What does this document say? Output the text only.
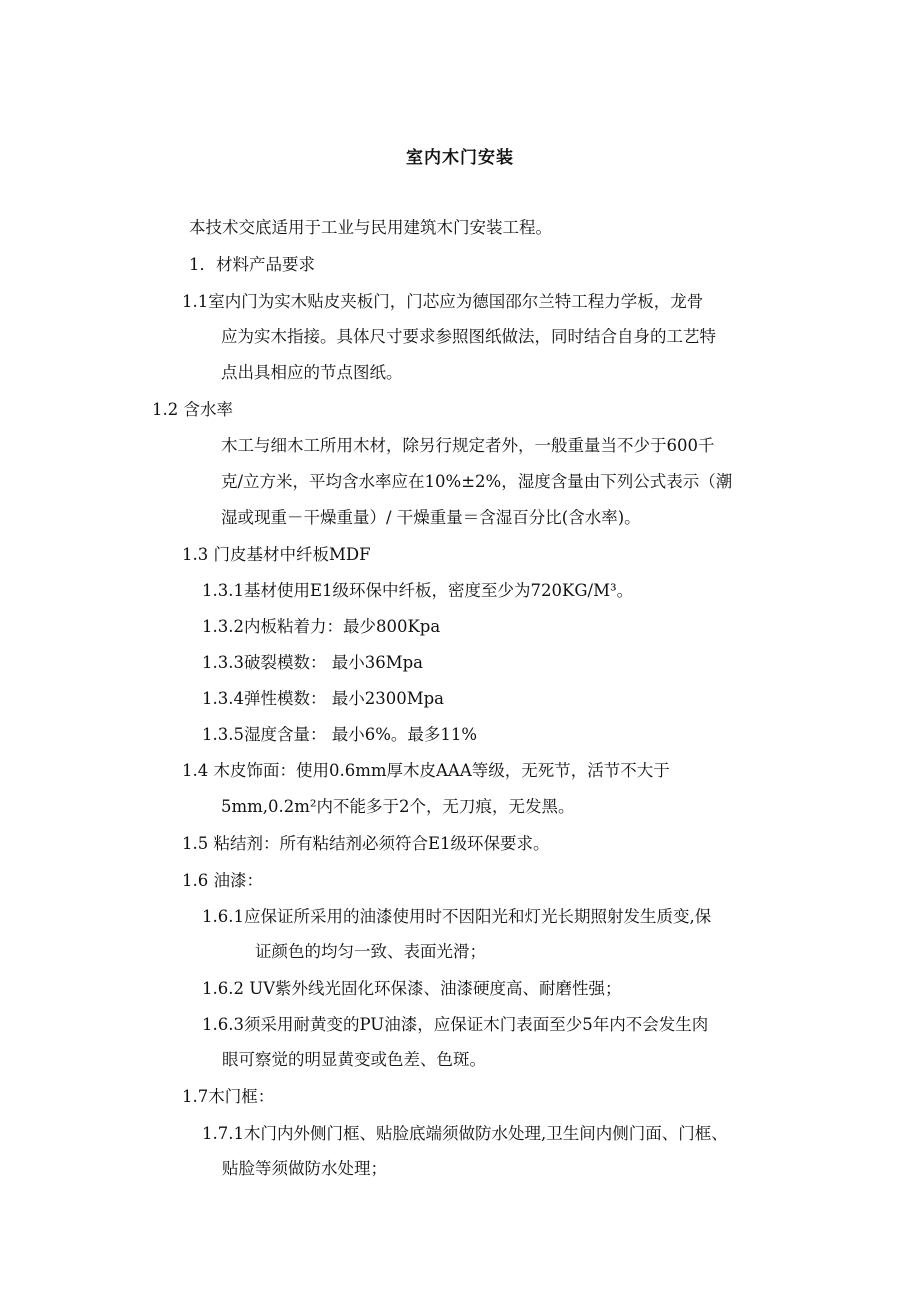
室内木门安装
本技术交底适用于工业与民用建筑木门安装工程。
1．材料产品要求
1.1室内门为实木贴皮夹板门，门芯应为德国邵尔兰特工程力学板，龙骨
应为实木指接。具体尺寸要求参照图纸做法，同时结合自身的工艺特
点出具相应的节点图纸。
1.2 含水率
木工与细木工所用木材，除另行规定者外，一般重量当不少于600千
克/立方米，平均含水率应在10%±2%，湿度含量由下列公式表示（潮
湿或现重－干燥重量）/ 干燥重量＝含湿百分比(含水率)。
1.3 门皮基材中纤板MDF
1.3.1基材使用E1级环保中纤板，密度至少为720KG/M³。
1.3.2内板粘着力：最少800Kpa
1.3.3破裂模数： 最小36Mpa
1.3.4弹性模数： 最小2300Mpa
1.3.5湿度含量： 最小6%。最多11%
1.4 木皮饰面：使用0.6mm厚木皮AAA等级，无死节，活节不大于
5mm,0.2m²内不能多于2个，无刀痕，无发黑。
1.5 粘结剂：所有粘结剂必须符合E1级环保要求。
1.6 油漆：
1.6.1应保证所采用的油漆使用时不因阳光和灯光长期照射发生质变,保
证颜色的均匀一致、表面光滑；
1.6.2 UV紫外线光固化环保漆、油漆硬度高、耐磨性强；
1.6.3须采用耐黄变的PU油漆，应保证木门表面至少5年内不会发生肉
眼可察觉的明显黄变或色差、色斑。
1.7木门框：
1.7.1木门内外侧门框、贴脸底端须做防水处理,卫生间内侧门面、门框、
贴脸等须做防水处理；
